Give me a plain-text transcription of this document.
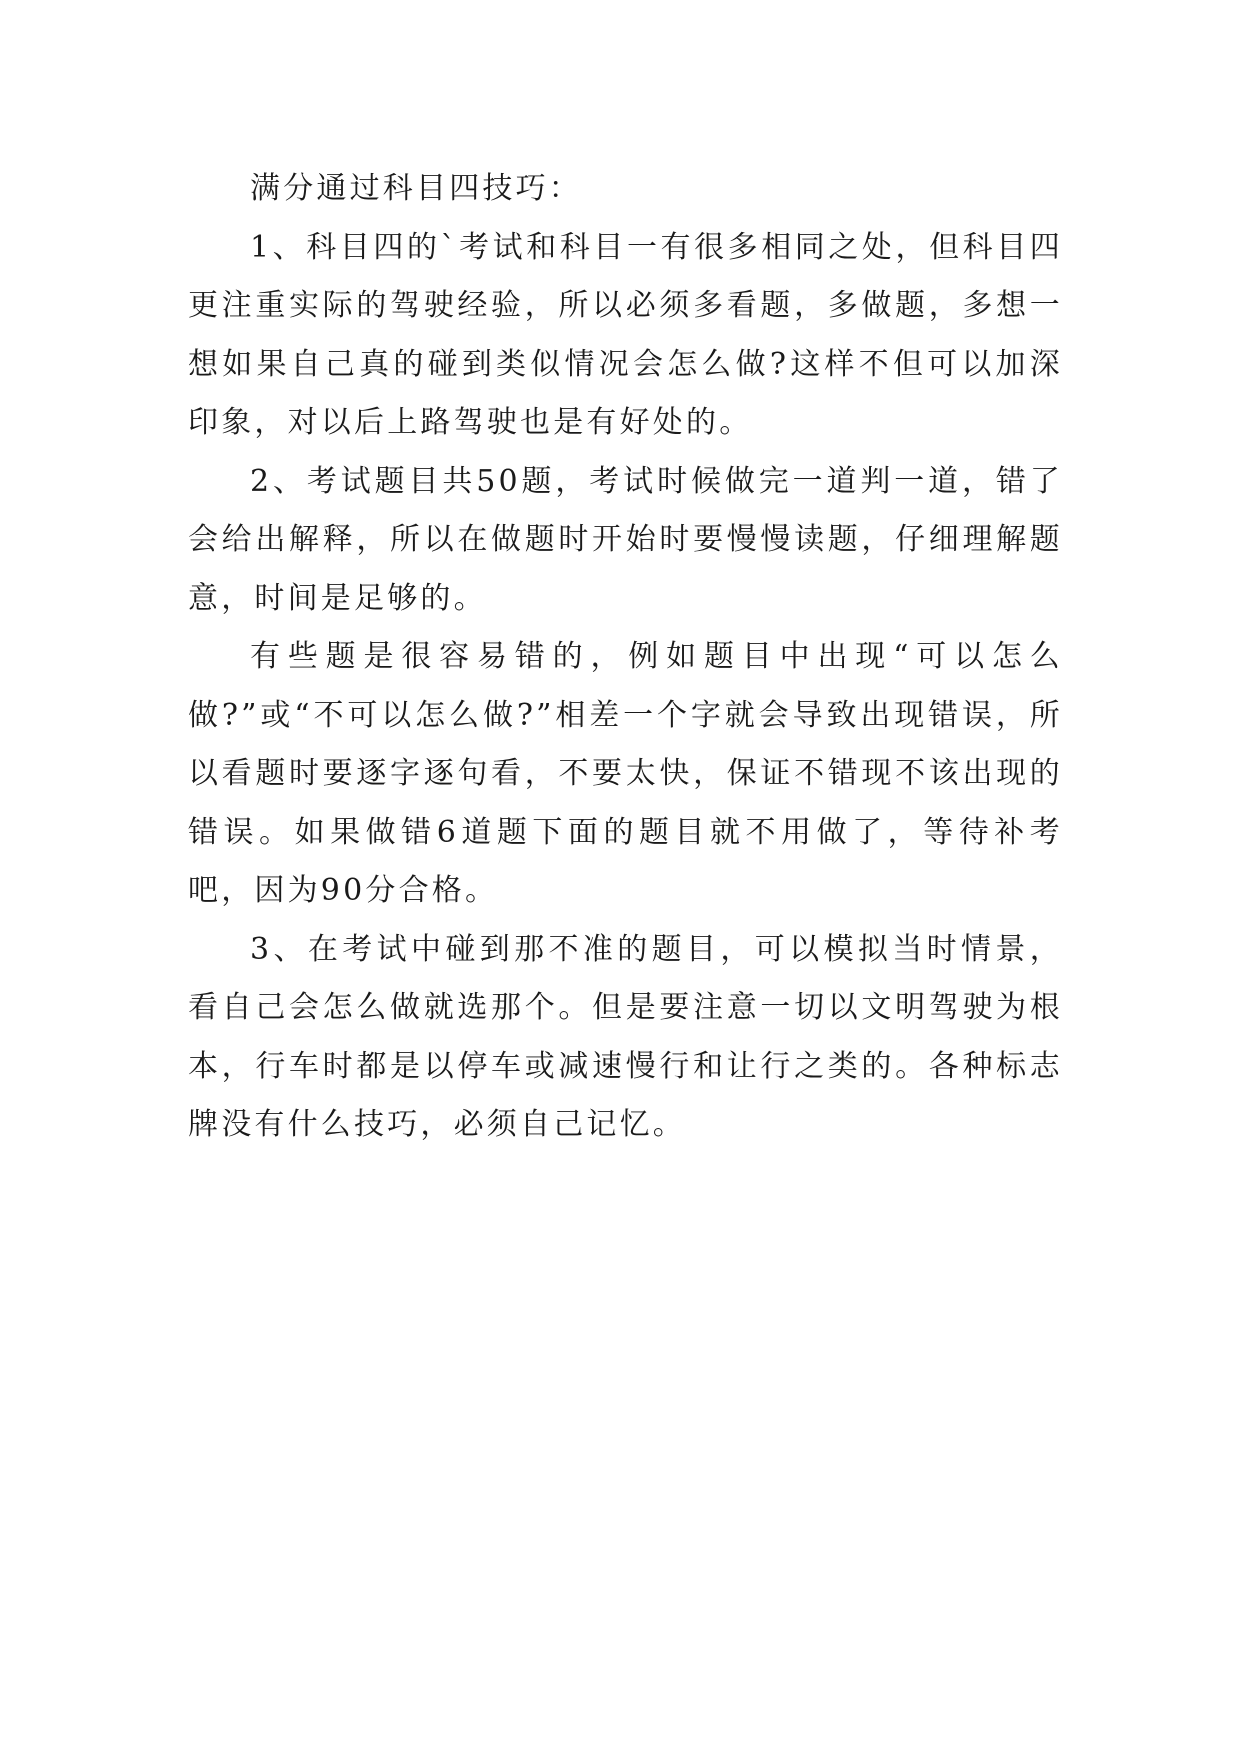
满分通过科目四技巧：

1、科目四的`考试和科目一有很多相同之处，但科目四更注重实际的驾驶经验，所以必须多看题，多做题，多想一想如果自己真的碰到类似情况会怎么做?这样不但可以加深印象，对以后上路驾驶也是有好处的。

2、考试题目共50题，考试时候做完一道判一道，错了会给出解释，所以在做题时开始时要慢慢读题，仔细理解题意，时间是足够的。

有些题是很容易错的，例如题目中出现“可以怎么做?”或“不可以怎么做?”相差一个字就会导致出现错误，所以看题时要逐字逐句看，不要太快，保证不错现不该出现的错误。如果做错6道题下面的题目就不用做了，等待补考吧，因为90分合格。

3、在考试中碰到那不准的题目，可以模拟当时情景，看自己会怎么做就选那个。但是要注意一切以文明驾驶为根本，行车时都是以停车或减速慢行和让行之类的。各种标志牌没有什么技巧，必须自己记忆。
